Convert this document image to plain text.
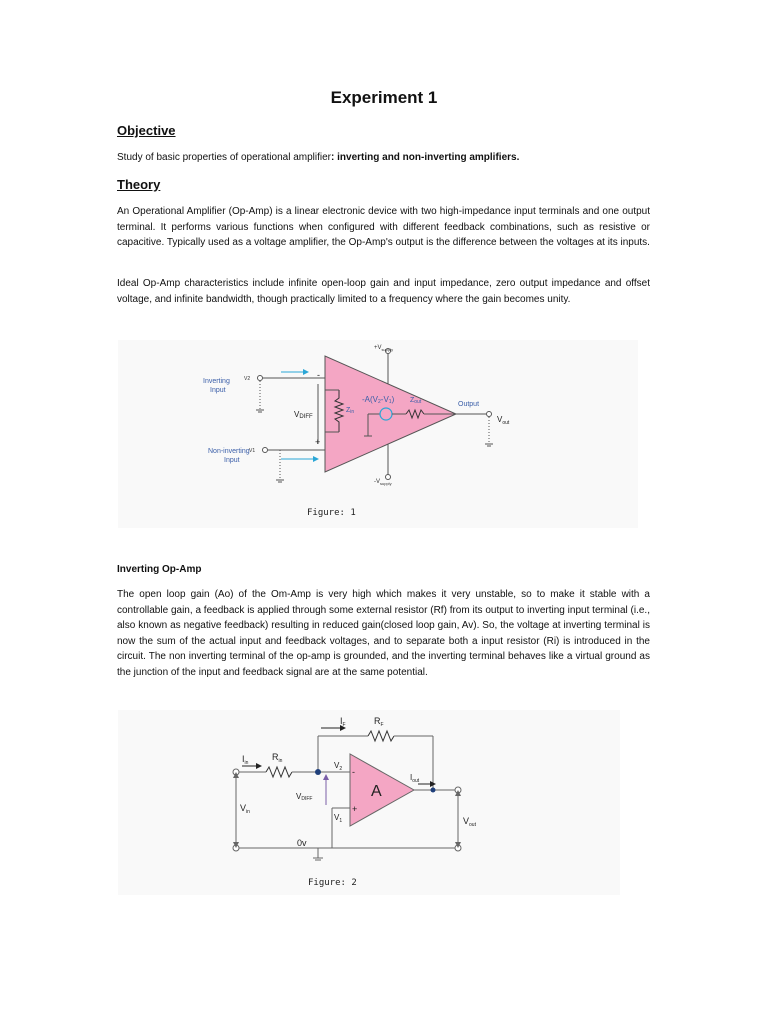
Experiment 1
Objective
Study of basic properties of operational amplifier: inverting and non-inverting amplifiers.
Theory
An Operational Amplifier (Op-Amp) is a linear electronic device with two high-impedance input terminals and one output terminal. It performs various functions when configured with different feedback combinations, such as resistive or capacitive. Typically used as a voltage amplifier, the Op-Amp's output is the difference between the voltages at its inputs.
Ideal Op-Amp characteristics include infinite open-loop gain and input impedance, zero output impedance and offset voltage, and infinite bandwidth, though practically limited to a frequency where the gain becomes unity.
$+V_{supply}$
$-V_{supply}$
Inverting
Input
V2
Non-inverting
Input
V1
-
+
VDIFF
Zin
-A(V2-V1) Zout	Output
$V_{out}$
Figure: 1
Inverting Op-Amp
The open loop gain (Ao) of the Om-Amp is very high which makes it very unstable, so to make it stable with a controllable gain, a feedback is applied through some external resistor (Rf) from its output to inverting input terminal (i.e., also known as negative feedback) resulting in reduced gain(closed loop gain, Av). So, the voltage at inverting terminal is now the sum of the actual input and feedback voltages, and to separate both a input resistor (Ri) is introduced in the circuit. The non inverting terminal of the op-amp is grounded, and the inverting terminal behaves like a virtual ground as the junction of the input and feedback signal are at the same potential.
$I_F$	$R_F$
$I_{in}$
$R_{in}$
A
-
+
$V_2$
$V_1$
VDIFF
$I_{out}$
0v
$V_{in}$
$V_{out}$
Figure: 2
